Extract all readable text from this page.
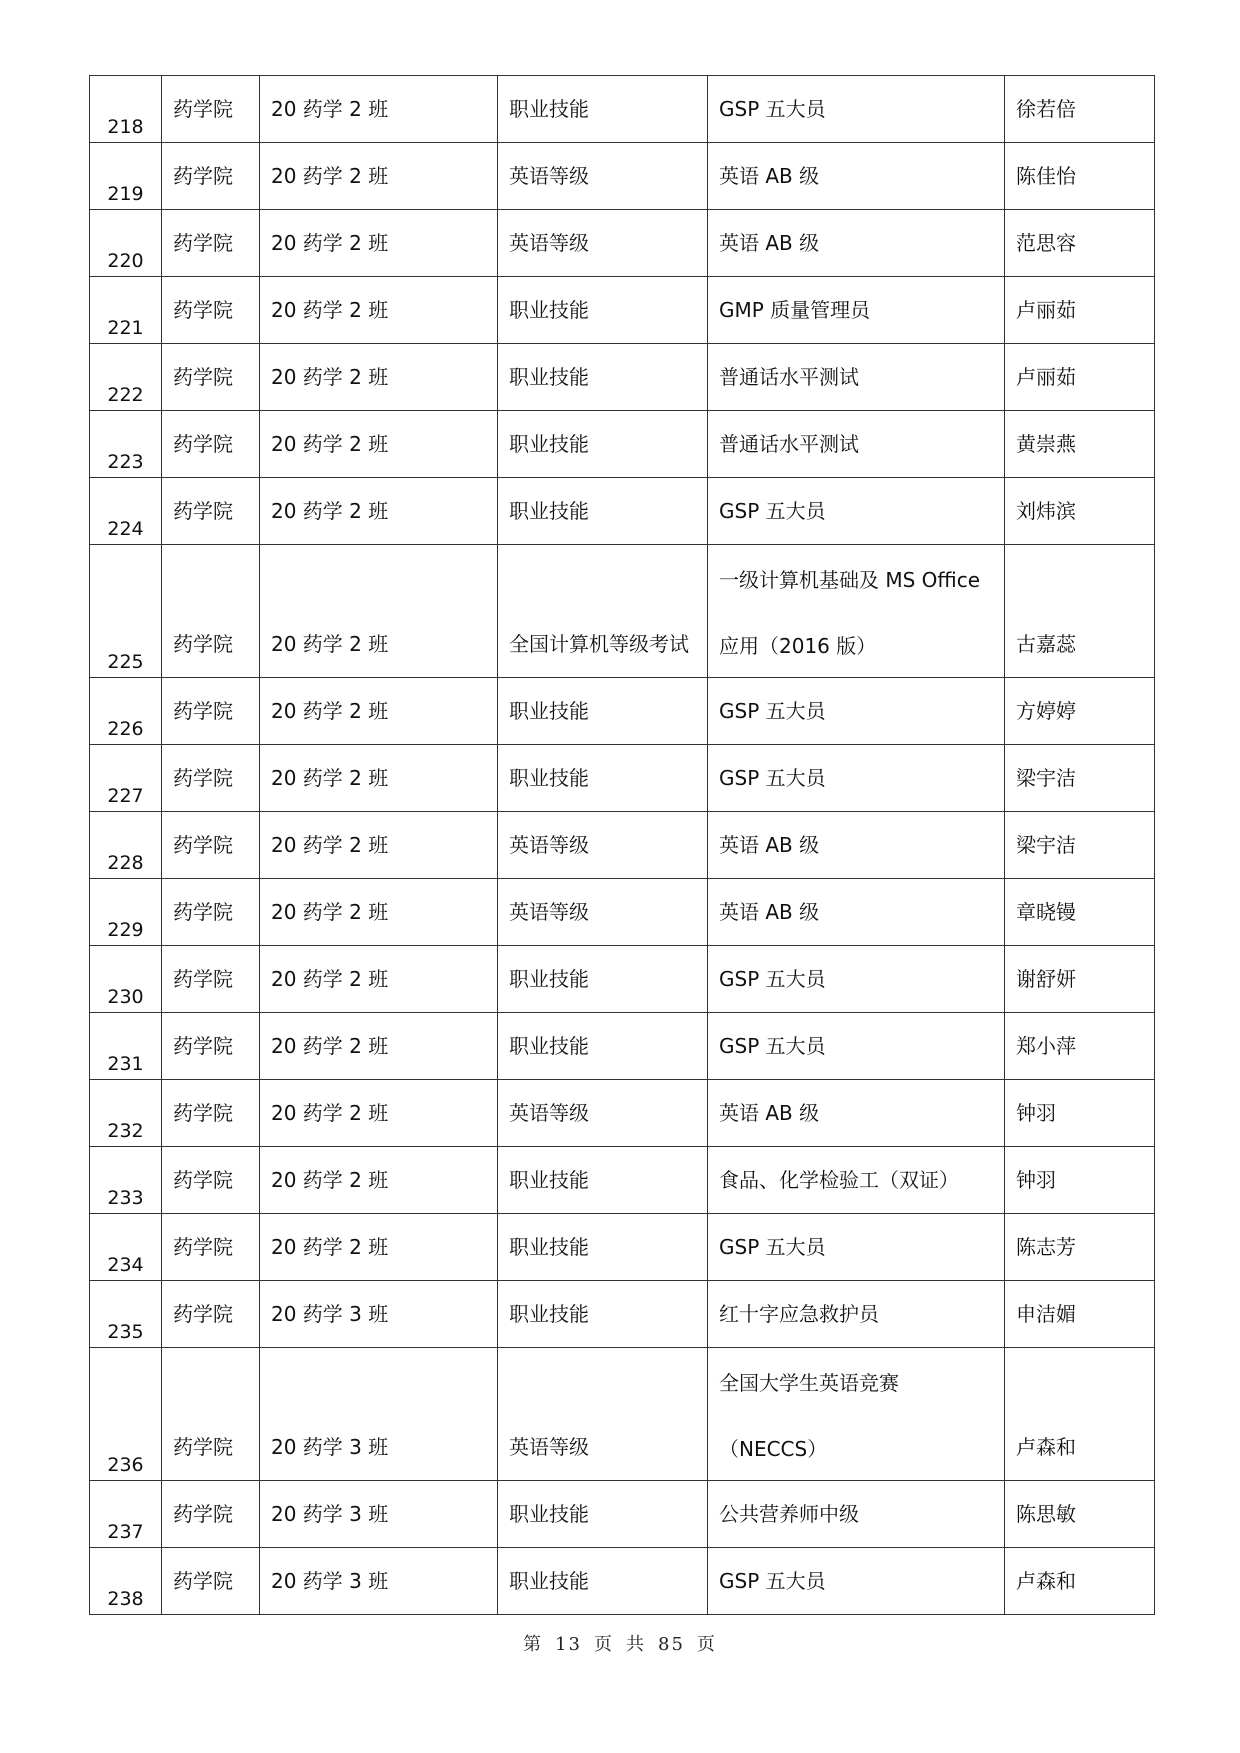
218	药学院	20 药学 2 班	职业技能	GSP 五大员	徐若倍

219	药学院	20 药学 2 班	英语等级	英语 AB 级	陈佳怡

220	药学院	20 药学 2 班	英语等级	英语 AB 级	范思容

221	药学院	20 药学 2 班	职业技能	GMP 质量管理员	卢丽茹

222	药学院	20 药学 2 班	职业技能	普通话水平测试	卢丽茹

223	药学院	20 药学 2 班	职业技能	普通话水平测试	黄崇燕

224	药学院	20 药学 2 班	职业技能	GSP 五大员	刘炜滨

225	药学院	20 药学 2 班	全国计算机等级考试	一级计算机基础及 MS Office
应用（2016 版）	古嘉蕊

226	药学院	20 药学 2 班	职业技能	GSP 五大员	方婷婷

227	药学院	20 药学 2 班	职业技能	GSP 五大员	梁宇洁

228	药学院	20 药学 2 班	英语等级	英语 AB 级	梁宇洁

229	药学院	20 药学 2 班	英语等级	英语 AB 级	章晓镘

230	药学院	20 药学 2 班	职业技能	GSP 五大员	谢舒妍

231	药学院	20 药学 2 班	职业技能	GSP 五大员	郑小萍

232	药学院	20 药学 2 班	英语等级	英语 AB 级	钟羽

233	药学院	20 药学 2 班	职业技能	食品、化学检验工（双证）	钟羽

234	药学院	20 药学 2 班	职业技能	GSP 五大员	陈志芳

235	药学院	20 药学 3 班	职业技能	红十字应急救护员	申洁媚

236	药学院	20 药学 3 班	英语等级	全国大学生英语竞赛
（NECCS）	卢森和

237	药学院	20 药学 3 班	职业技能	公共营养师中级	陈思敏

238	药学院	20 药学 3 班	职业技能	GSP 五大员	卢森和
第 13 页 共 85 页
